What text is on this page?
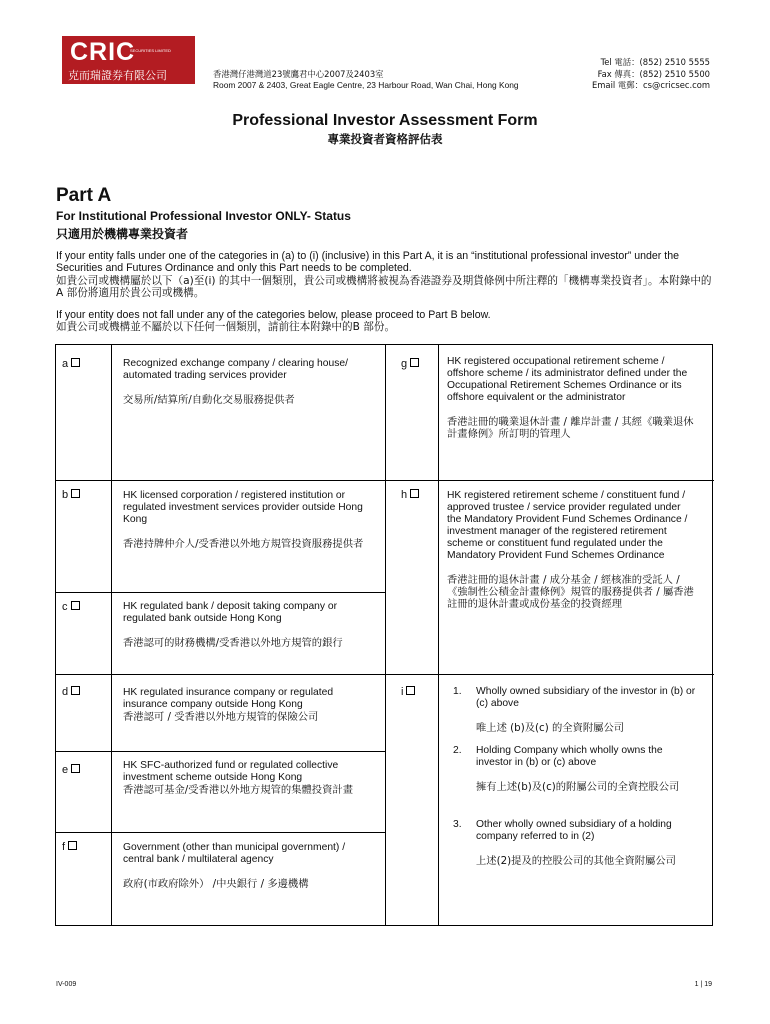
CRIC
SECURITIES LIMITED
克而瑞證券有限公司	香港灣仔港灣道23號鷹君中心2007及2403室
Room 2007 & 2403, Great Eagle Centre, 23 Harbour Road, Wan Chai, Hong Kong
Tel 電話：(852) 2510 5555
Fax 傳真：(852) 2510 5500
Email 電郵：cs@cricsec.com
Professional Investor Assessment Form
專業投資者資格評估表
Part A
For Institutional Professional Investor ONLY- Status
只適用於機構專業投資者
If your entity falls under one of the categories in (a) to (i) (inclusive) in this Part A, it is an “institutional professional investor” under the Securities and Futures Ordinance and only this Part needs to be completed.
如貴公司或機構屬於以下（a)至(i) 的其中一個類別，貴公司或機構將被視為香港證券及期貨條例中所注釋的「機構專業投資者」。本附錄中的A 部份將適用於貴公司或機構。
If your entity does not fall under any of the categories below, please proceed to Part B below.
如貴公司或機構並不屬於以下任何一個類別，請前往本附錄中的B 部份。
a	Recognized exchange company / clearing house/ automated trading services provider

交易所/結算所/自動化交易服務提供者

b	HK licensed corporation / registered institution or regulated investment services provider outside Hong Kong

香港持牌仲介人/受香港以外地方規管投資服務提供者

c	HK regulated bank / deposit taking company or regulated bank outside Hong Kong

香港認可的財務機構/受香港以外地方規管的銀行

d	HK regulated insurance company or regulated insurance company outside Hong Kong

香港認可 / 受香港以外地方規管的保險公司

e	HK SFC-authorized fund or regulated collective investment scheme outside Hong Kong

香港認可基金/受香港以外地方規管的集體投資計畫

f	Government (other than municipal government) / central bank / multilateral agency

政府(市政府除外） /中央銀行 / 多邊機構

g	HK registered occupational retirement scheme / offshore scheme / its administrator defined under the Occupational Retirement Schemes Ordinance or its offshore equivalent or the administrator

香港註冊的職業退休計畫 / 離岸計畫 / 其經《職業退休計畫條例》所訂明的管理人

h	HK registered retirement scheme / constituent fund / approved trustee / service provider regulated under the Mandatory Provident Fund Schemes Ordinance / investment manager of the registered retirement scheme or constituent fund regulated under the Mandatory Provident Fund Schemes Ordinance

香港註冊的退休計畫 / 成分基金 / 經核准的受託人 /《強制性公積金計畫條例》規管的服務提供者 / 屬香港註冊的退休計畫或成份基金的投資經理

i	1. Wholly owned subsidiary of the investor in (b) or (c) above

唯上述 (b)及(c) 的全資附屬公司

2. Holding Company which wholly owns the investor in (b) or (c) above

擁有上述(b)及(c)的附屬公司的全資控股公司

3. Other wholly owned subsidiary of a holding company referred to in (2)

上述(2)提及的控股公司的其他全資附屬公司

IV-009	1 | 19
